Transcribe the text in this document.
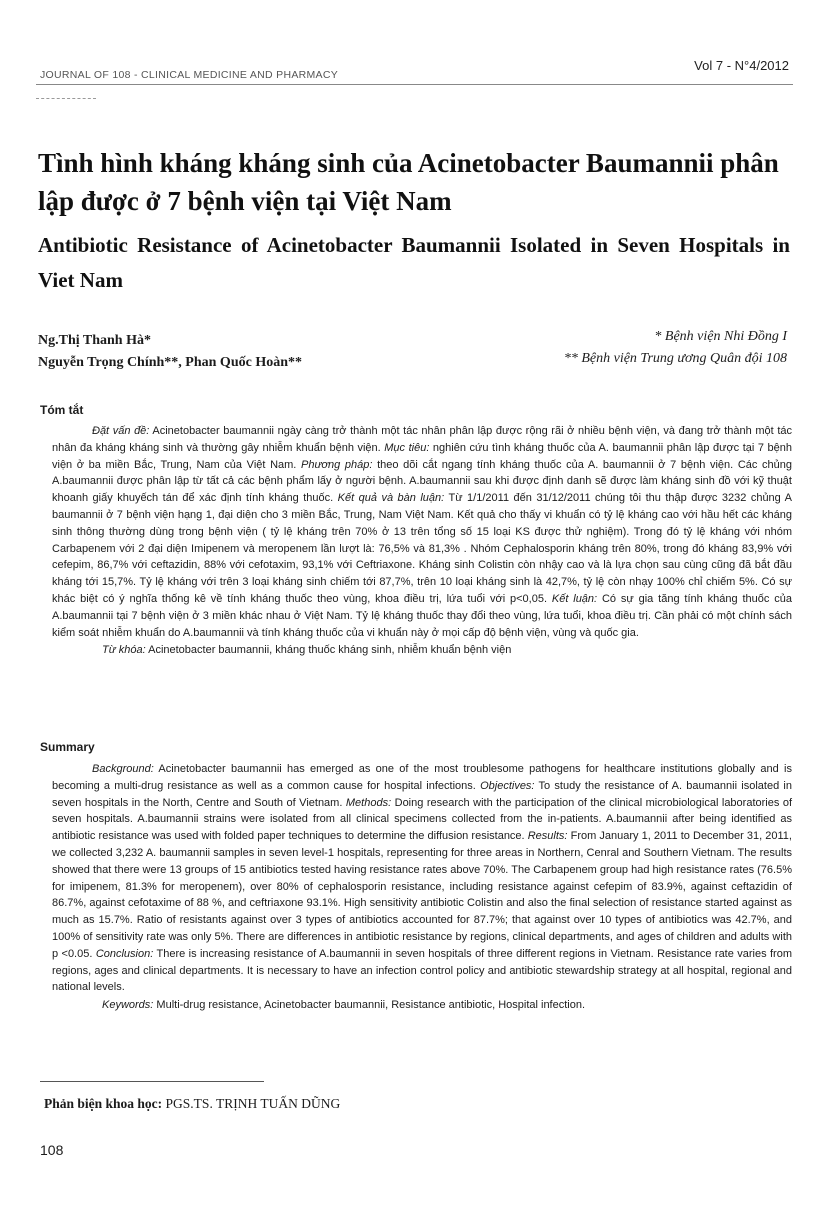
JOURNAL OF 108 - CLINICAL MEDICINE AND PHARMACY
Vol 7 - N°4/2012
Tình hình kháng kháng sinh của Acinetobacter Baumannii phân lập được ở 7 bệnh viện tại Việt Nam
Antibiotic Resistance of Acinetobacter Baumannii Isolated in Seven Hospitals in Viet Nam
Ng.Thị Thanh Hà*
Nguyễn Trọng Chính**, Phan Quốc Hoàn**
* Bệnh viện Nhi Đồng I
** Bệnh viện Trung ương Quân đội 108
Tóm tắt

Đặt vấn đề: Acinetobacter baumannii ngày càng trở thành một tác nhân phân lập được rộng rãi ở nhiều bệnh viện, và đang trở thành một tác nhân đa kháng kháng sinh và thường gây nhiễm khuẩn bệnh viện. Mục tiêu: nghiên cứu tình kháng thuốc của A. baumannii phân lập được tại 7 bệnh viện ở ba miền Bắc, Trung, Nam của Việt Nam. Phương pháp: theo dõi cắt ngang tính kháng thuốc của A. baumannii ở 7 bệnh viện. Các chủng A.baumannii được phân lập từ tất cả các bệnh phẩm lấy ở người bệnh. A.baumannii sau khi được định danh sẽ được làm kháng sinh đồ với kỹ thuật khoanh giấy khuyếch tán để xác định tính kháng thuốc. Kết quả và bàn luận: Từ 1/1/2011 đến 31/12/2011 chúng tôi thu thập được 3232 chủng A baumannii ở 7 bệnh viện hạng 1, đại diện cho 3 miền Bắc, Trung, Nam Việt Nam. Kết quả cho thấy vi khuẩn có tỷ lệ kháng cao với hầu hết các kháng sinh thông thường dùng trong bệnh viện ( tỷ lệ kháng trên 70% ở 13 trên tổng số 15 loại KS được thử nghiệm). Trong đó tỷ lệ kháng với nhóm Carbapenem với 2 đại diện Imipenem và meropenem lần lượt là: 76,5% và 81,3% . Nhóm Cephalosporin kháng trên 80%, trong đó kháng 83,9% với cefepim, 86,7% với ceftazidin, 88% với cefotaxim, 93,1% với Ceftriaxone. Kháng sinh Colistin còn nhậy cao và là lựa chọn sau cùng cũng đã bắt đầu kháng tới 15,7%. Tỷ lệ kháng với trên 3 loại kháng sinh chiếm tới 87,7%, trên 10 loại kháng sinh là 42,7%, tỷ lệ còn nhạy 100% chỉ chiếm 5%. Có sự khác biệt có ý nghĩa thống kê về tính kháng thuốc theo vùng, khoa điều trị, lứa tuổi với p<0,05. Kết luận: Có sự gia tăng tính kháng thuốc của A.baumannii tại 7 bệnh viện ở 3 miền khác nhau ở Việt Nam. Tỷ lệ kháng thuốc thay đổi theo vùng, lứa tuổi, khoa điều trị. Cần phải có một chính sách kiểm soát nhiễm khuẩn do A.baumannii và tính kháng thuốc của vi khuẩn này ở mọi cấp độ bệnh viện, vùng và quốc gia.

Từ khóa: Acinetobacter baumannii, kháng thuốc kháng sinh, nhiễm khuẩn bệnh viện

Summary

Background: Acinetobacter baumannii has emerged as one of the most troublesome pathogens for healthcare institutions globally and is becoming a multi-drug resistance as well as a common cause for hospital infections. Objectives: To study the resistance of A. baumannii isolated in seven hospitals in the North, Centre and South of Vietnam. Methods: Doing research with the participation of the clinical microbiological laboratories of seven hospitals. A.baumannii strains were isolated from all clinical specimens collected from the in-patients. A.baumannii after being identified as antibiotic resistance was used with folded paper techniques to determine the diffusion resistance. Results: From January 1, 2011 to December 31, 2011, we collected 3,232 A. baumannii samples in seven level-1 hospitals, representing for three areas in Northern, Cenral and Southern Vietnam. The results showed that there were 13 groups of 15 antibiotics tested having resistance rates above 70%. The Carbapenem group had high resistance rates (76.5% for imipenem, 81.3% for meropenem), over 80% of cephalosporin resistance, including resistance against cefepim of 83.9%, against ceftazidin of 86.7%, against cefotaxime of 88 %, and ceftriaxone 93.1%. High sensitivity antibiotic Colistin and also the final selection of resistance started against as much as 15.7%. Ratio of resistants against over 3 types of antibiotics accounted for 87.7%; that against over 10 types of antibiotics was 42.7%, and 100% of sensitivity rate was only 5%. There are differences in antibiotic resistance by regions, clinical departments, and ages of children and adults with p <0.05. Conclusion: There is increasing resistance of A.baumannii in seven hospitals of three different regions in Vietnam. Resistance rate varies from regions, ages and clinical departments. It is necessary to have an infection control policy and antibiotic stewardship strategy at all hospital, regional and national levels.

Keywords: Multi-drug resistance, Acinetobacter baumannii, Resistance antibiotic, Hospital infection.

Phản biện khoa học: PGS.TS. TRỊNH TUẤN DŨNG
108
